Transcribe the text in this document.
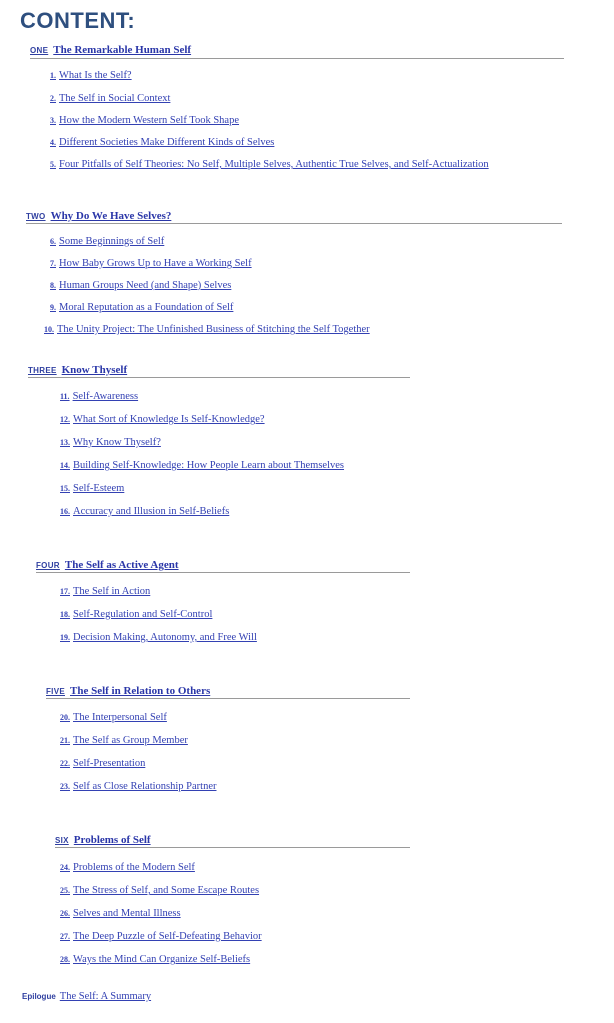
CONTENT:
ONE The Remarkable Human Self
1. What Is the Self?
2. The Self in Social Context
3. How the Modern Western Self Took Shape
4. Different Societies Make Different Kinds of Selves
5. Four Pitfalls of Self Theories: No Self, Multiple Selves, Authentic True Selves, and Self-Actualization
TWO Why Do We Have Selves?
6. Some Beginnings of Self
7. How Baby Grows Up to Have a Working Self
8. Human Groups Need (and Shape) Selves
9. Moral Reputation as a Foundation of Self
10. The Unity Project: The Unfinished Business of Stitching the Self Together
THREE Know Thyself
11. Self-Awareness
12. What Sort of Knowledge Is Self-Knowledge?
13. Why Know Thyself?
14. Building Self-Knowledge: How People Learn about Themselves
15. Self-Esteem
16. Accuracy and Illusion in Self-Beliefs
FOUR The Self as Active Agent
17. The Self in Action
18. Self-Regulation and Self-Control
19. Decision Making, Autonomy, and Free Will
FIVE The Self in Relation to Others
20. The Interpersonal Self
21. The Self as Group Member
22. Self-Presentation
23. Self as Close Relationship Partner
SIX Problems of Self
24. Problems of the Modern Self
25. The Stress of Self, and Some Escape Routes
26. Selves and Mental Illness
27. The Deep Puzzle of Self-Defeating Behavior
28. Ways the Mind Can Organize Self-Beliefs
Epilogue The Self: A Summary
